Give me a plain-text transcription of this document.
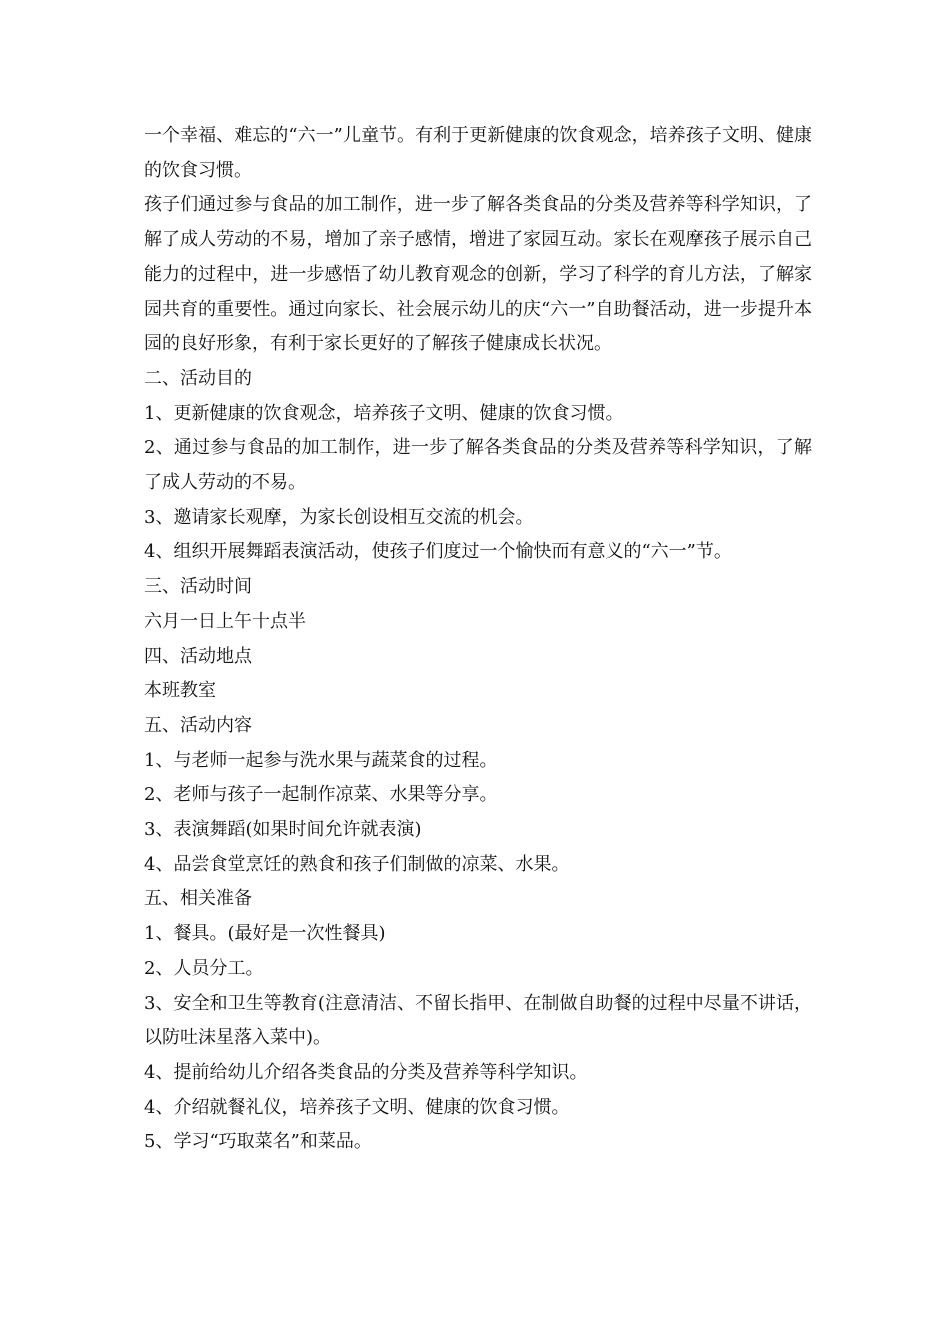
一个幸福、难忘的“六一”儿童节。有利于更新健康的饮食观念，培养孩子文明、健康的饮食习惯。

孩子们通过参与食品的加工制作，进一步了解各类食品的分类及营养等科学知识，了解了成人劳动的不易，增加了亲子感情，增进了家园互动。家长在观摩孩子展示自己能力的过程中，进一步感悟了幼儿教育观念的创新，学习了科学的育儿方法，了解家园共育的重要性。通过向家长、社会展示幼儿的庆“六一”自助餐活动，进一步提升本园的良好形象，有利于家长更好的了解孩子健康成长状况。

二、活动目的

1、更新健康的饮食观念，培养孩子文明、健康的饮食习惯。

2、通过参与食品的加工制作，进一步了解各类食品的分类及营养等科学知识，了解了成人劳动的不易。

3、邀请家长观摩，为家长创设相互交流的机会。

4、组织开展舞蹈表演活动，使孩子们度过一个愉快而有意义的“六一”节。

三、活动时间

六月一日上午十点半

四、活动地点

本班教室

五、活动内容

1、与老师一起参与洗水果与蔬菜食的过程。

2、老师与孩子一起制作凉菜、水果等分享。

3、表演舞蹈(如果时间允许就表演)

4、品尝食堂烹饪的熟食和孩子们制做的凉菜、水果。

五、相关准备

1、餐具。(最好是一次性餐具)

2、人员分工。

3、安全和卫生等教育(注意清洁、不留长指甲、在制做自助餐的过程中尽量不讲话，以防吐沫星落入菜中)。

4、提前给幼儿介绍各类食品的分类及营养等科学知识。

4、介绍就餐礼仪，培养孩子文明、健康的饮食习惯。

5、学习“巧取菜名”和菜品。
